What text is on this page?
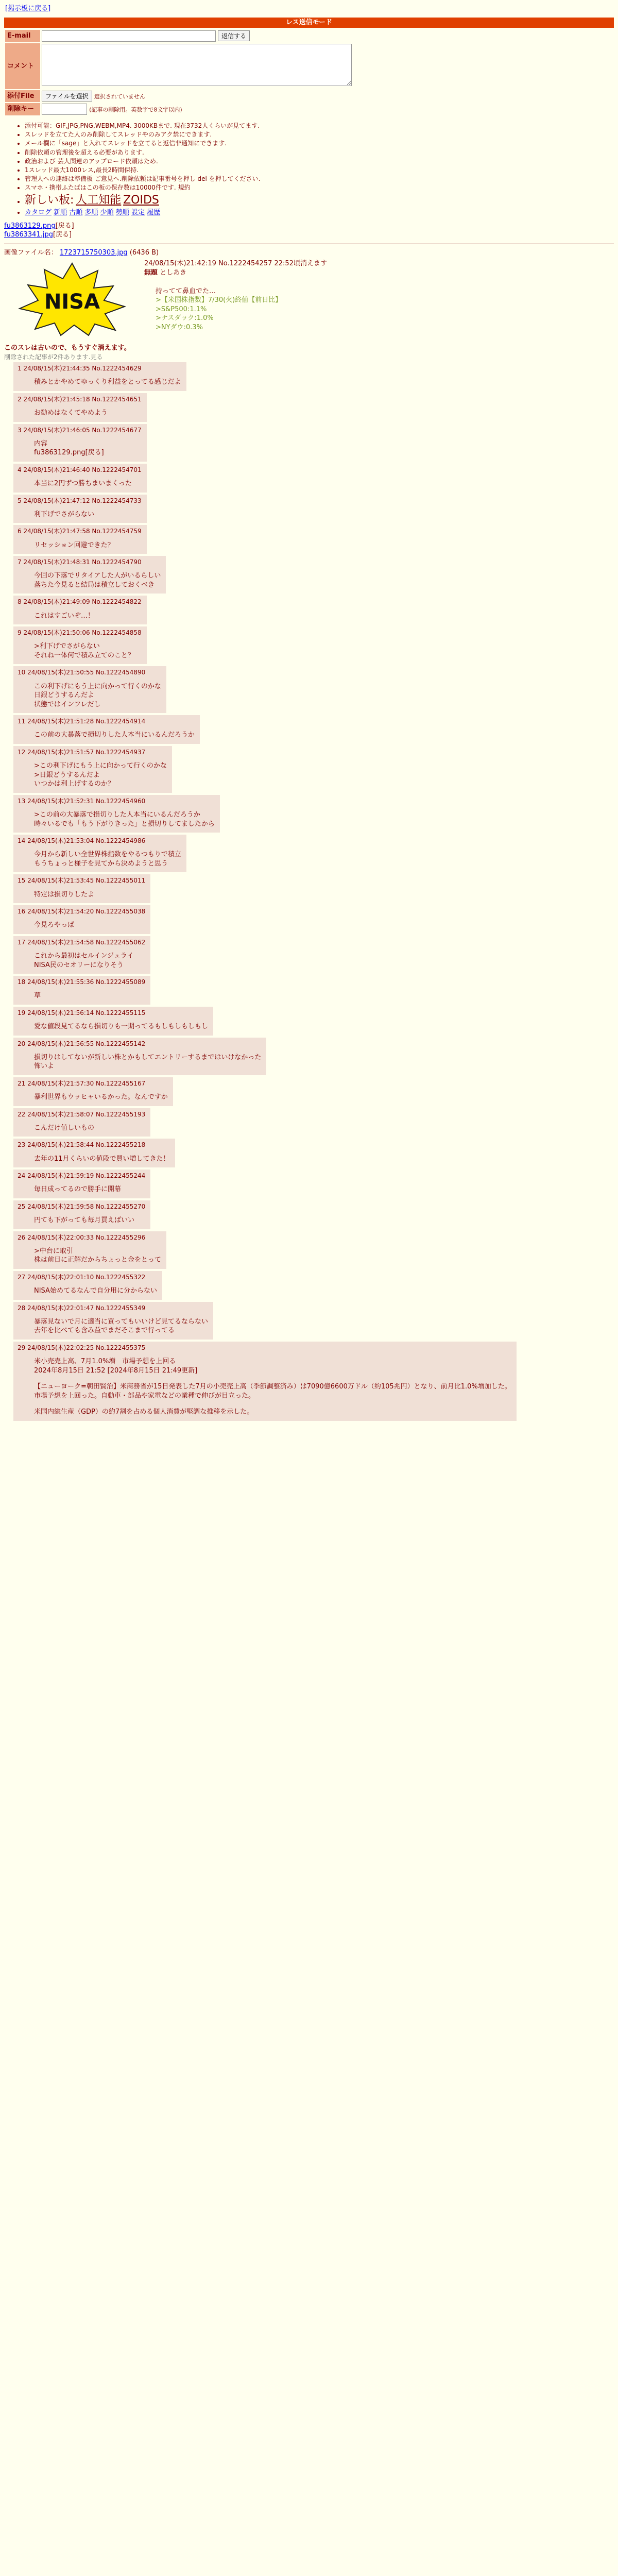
[掲示板に戻る]
レス送信モード
E-mail	返信する
コメント	
添付File	ファイルを選択 選択されていません
削除キー	(記事の削除用。英数字で8文字以内)
• 添付可能：GIF,JPG,PNG,WEBM,MP4. 3000KBまで. 現在3732人くらいが見てます.
• スレッドを立てた人のみ削除してスレッドやのみアク禁にできます.
• メール欄に「sage」と入れてスレッドを立てると返信非通知にできます.
• 削除依頼の管理後を超える必要があります.
• 政治および 芸人関連のアップロード依頼はため.
• 1スレッド最大1000レス,最長2時間保持.
• 管理人への連絡は準備板 ご意見へ.削除依頼は記事番号を押し del を押してください.
• スマホ・携帯ふたばはこの板の保存数は10000件です. 規約
• 新しい板: 人工知能 ZOIDS
• カタログ 新順 古順 多順 少順 勢順 設定 履歴
fu3863129.png[戻る]
fu3863341.jpg[戻る]
画像ファイル名： 1723715750303.jpg (6436 B)
NISA
24/08/15(木)21:42:19 No.1222454257 22:52頃消えます
無題 としあき
持ってて鼻血でた…
>【米国株指数】7/30(火)終値【前日比】
>S&P500:1.1%
>ナスダック:1.0%
>NYダウ:0.3%
このスレは古いので、もうすぐ消えます。
削除された記事が2件あります.見る
1 24/08/15(木)21:44:35 No.1222454629
積みとかやめてゆっくり利益をとってる感じだよ
2 24/08/15(木)21:45:18 No.1222454651
お勧めはなくてやめよう
3 24/08/15(木)21:46:05 No.1222454677
内容
fu3863129.png[戻る]
4 24/08/15(木)21:46:40 No.1222454701
本当に2円ずつ勝ちまいまくった
5 24/08/15(木)21:47:12 No.1222454733
利下げでさがらない
6 24/08/15(木)21:47:58 No.1222454759
リセッション回避できた？
7 24/08/15(木)21:48:31 No.1222454790
今回の下落でリタイアした人がいるらしい
落ちた今見ると結局は積立しておくべき
8 24/08/15(木)21:49:09 No.1222454822
これはすごいぞ…！
9 24/08/15(木)21:50:06 No.1222454858
>利下げでさがらない
それね一体何で積み立てのこと？
10 24/08/15(木)21:50:55 No.1222454890
この利下げにもう上に向かって行くのかな
日銀どうするんだよ
状態ではインフレだし
11 24/08/15(木)21:51:28 No.1222454914
この前の大暴落で損切りした人本当にいるんだろうか
12 24/08/15(木)21:51:57 No.1222454937
>この利下げにもう上に向かって行くのかな
>日銀どうするんだよ
いつかは利上げするのか？
13 24/08/15(木)21:52:31 No.1222454960
>この前の大暴落で損切りした人本当にいるんだろうか
時々いるでも「もう下がりきった」と損切りしてましたから
14 24/08/15(木)21:53:04 No.1222454986
今月から新しい全世界株指数をやるつもりで積立
もうちょっと様子を見てから決めようと思う
15 24/08/15(木)21:53:45 No.1222455011
特定は損切りしたよ
16 24/08/15(木)21:54:20 No.1222455038
今見ろやっぱ
17 24/08/15(木)21:54:58 No.1222455062
これから最初はセルインジュライ
NISA民のセオリーになりそう
18 24/08/15(木)21:55:36 No.1222455089
草
19 24/08/15(木)21:56:14 No.1222455115
愛な値段見てるなら損切りも一期ってるもしもしもしもし
20 24/08/15(木)21:56:55 No.1222455142
損切りはしてないが新しい株とかもしてエントリーするまではいけなかった
怖いよ
21 24/08/15(木)21:57:30 No.1222455167
暴利世界もウッヒャいるかった。なんですか
22 24/08/15(木)21:58:07 No.1222455193
こんだけ値しいもの
23 24/08/15(木)21:58:44 No.1222455218
去年の11月くらいの値段で買い増してきた！
24 24/08/15(木)21:59:19 No.1222455244
毎日成ってるので勝手に開幕
25 24/08/15(木)21:59:58 No.1222455270
円ても下がっても毎月買えばいい
26 24/08/15(木)22:00:33 No.1222455296
>中台に取引
株は前日に正解だからちょっと金をとって
27 24/08/15(木)22:01:10 No.1222455322
NISA始めてるなんで自分用に分からない
28 24/08/15(木)22:01:47 No.1222455349
暴落見ないで月に適当に買ってもいいけど見てるならない
去年を比べても含み益でまだそこまで行ってる
29 24/08/15(木)22:02:25 No.1222455375
米小売売上高、7月1.0%増　市場予想を上回る
2024年8月15日 21:52 [2024年8月15日 21:49更新]
【ニューヨーク=朝田賢治】米商務省が15日発表した7月の小売売上高（季節調整済み）は7090億6600万ドル（約105兆円）となり、前月比1.0%増加した。
市場予想を上回った。自動車・部品や家電などの業種で伸びが目立った。
米国内総生産（GDP）の約7割を占める個人消費が堅調な推移を示した。
